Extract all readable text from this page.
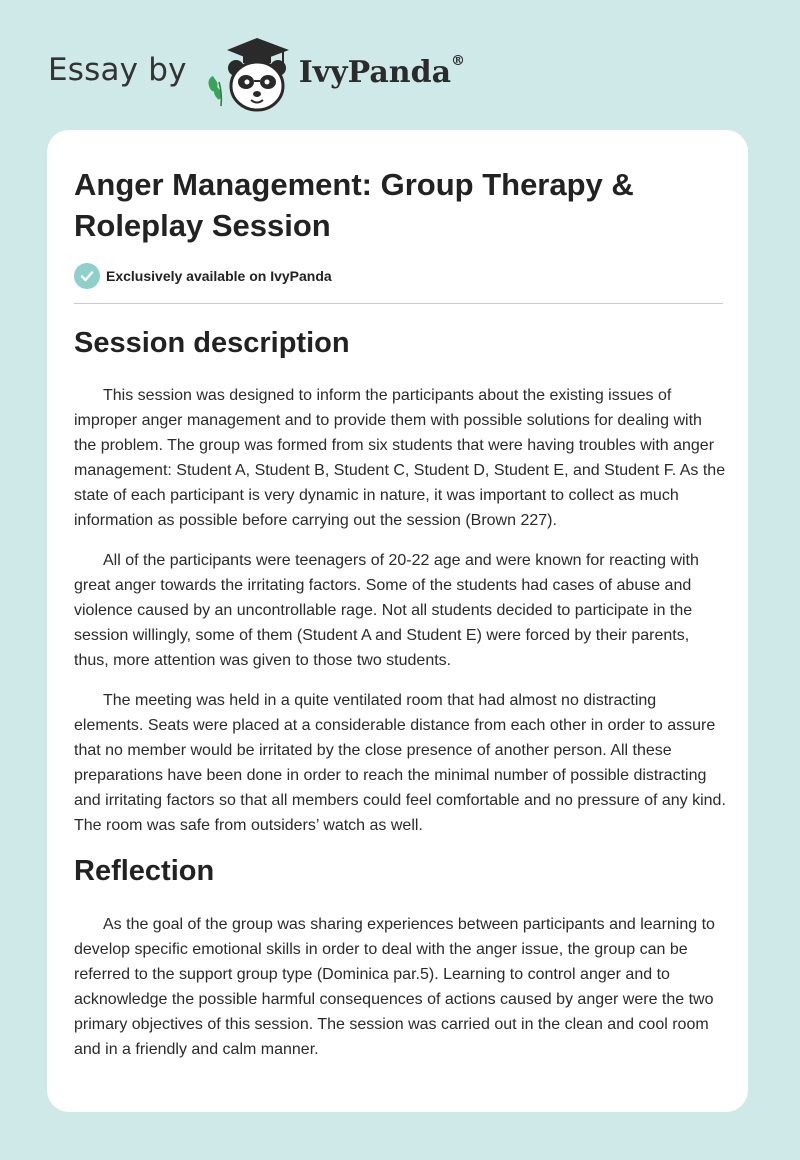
Essay by	IvyPanda®
Anger Management: Group Therapy & Roleplay Session
Exclusively available on IvyPanda
Session description

This session was designed to inform the participants about the existing issues of improper anger management and to provide them with possible solutions for dealing with the problem. The group was formed from six students that were having troubles with anger management: Student A, Student B, Student C, Student D, Student E, and Student F. As the state of each participant is very dynamic in nature, it was important to collect as much information as possible before carrying out the session (Brown 227).

All of the participants were teenagers of 20-22 age and were known for reacting with great anger towards the irritating factors. Some of the students had cases of abuse and violence caused by an uncontrollable rage. Not all students decided to participate in the session willingly, some of them (Student A and Student E) were forced by their parents, thus, more attention was given to those two students.

The meeting was held in a quite ventilated room that had almost no distracting elements. Seats were placed at a considerable distance from each other in order to assure that no member would be irritated by the close presence of another person. All these preparations have been done in order to reach the minimal number of possible distracting and irritating factors so that all members could feel comfortable and no pressure of any kind. The room was safe from outsiders’ watch as well.

Reflection

As the goal of the group was sharing experiences between participants and learning to develop specific emotional skills in order to deal with the anger issue, the group can be referred to the support group type (Dominica par.5). Learning to control anger and to acknowledge the possible harmful consequences of actions caused by anger were the two primary objectives of this session. The session was carried out in the clean and cool room and in a friendly and calm manner.
